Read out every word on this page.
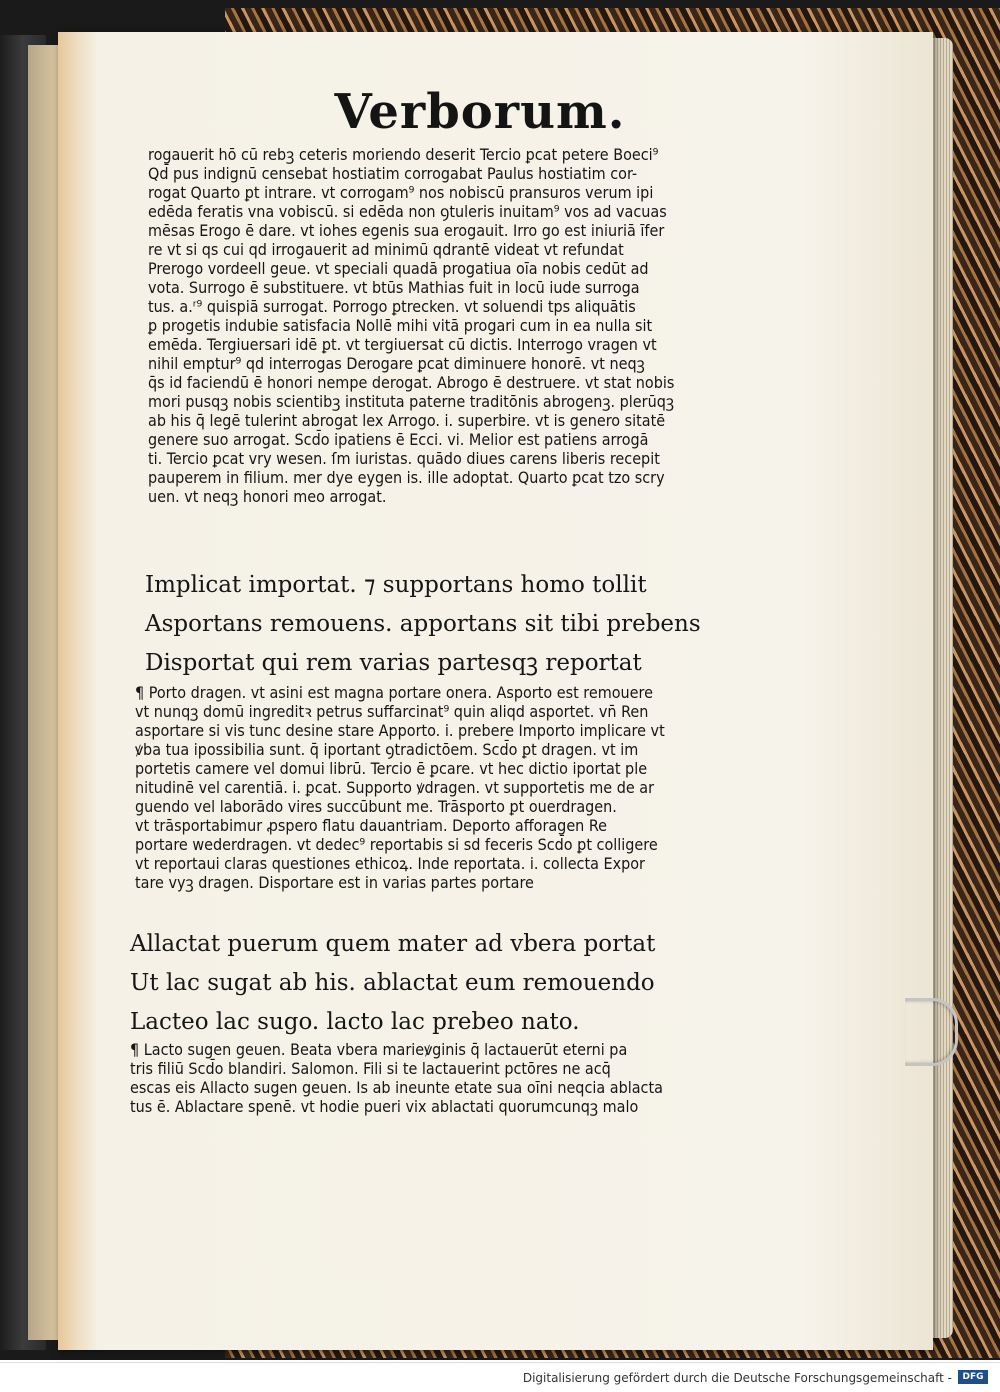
Verborum.
rogauerit hō cū rebꝫ ceteris moriendo deserit Tercio ꝑcat petere Boeci⁹
Qd̄ pus indignū censebat hostiatim corrogabat Paulus hostiatim cor-
rogat Quarto ꝑt intrare. vt corrogam⁹ nos nobiscū pransuros verum ipi
edēda feratis vna vobiscū. si edēda non ꝯtuleris inuitam⁹ vos ad vacuas
mēsas Erogo ē dare. vt iohes egenis sua erogauit. Irro go est iniuriā īfer
re vt si qs cui qd irrogauerit ad minimū qdrantē videat vt refundat
Prerogo vordeell geue. vt speciali quadā progatiua oīa nobis cedūt ad
vota. Surrogo ē substituere. vt btūs Mathias fuit in locū iude surroga
tus. a.ʳ⁹ quispiā surrogat. Porrogo ꝑtrecken. vt soluendi tps aliquātis
ꝑ progetis indubie satisfacia Nollē mihi vitā progari cum in ea nulla sit
emēda. Tergiuersari idē ꝑt. vt tergiuersat cū dictis. Interrogo vragen vt
nihil emptur⁹ qd interrogas Derogare ꝑcat diminuere honorē. vt neqꝫ
q̄s id faciendū ē honori nempe derogat. Abrogo ē destruere. vt stat nobis
mori pusqꝫ nobis scientibꝫ instituta paterne traditōnis abrogenꝫ. plerūqꝫ
ab his q̄ legē tulerint abrogat lex Arrogo. i. superbire. vt is genero sitatē
genere suo arrogat. Scd̄o ipatiens ē Ecci. vi. Melior est patiens arrogā
ti. Tercio ꝑcat vry wesen. ſm iuristas. quādo diues carens liberis recepit
pauperem in filium. mer dye eygen is. ille adoptat. Quarto ꝑcat tzo scry
uen. vt neqꝫ honori meo arrogat.
Implicat importat. ⁊ supportans homo tollit
Asportans remouens. apportans sit tibi prebens
Disportat qui rem varias partesqꝫ reportat
¶ Porto dragen. vt asini est magna portare onera. Asporto est remouere
vt nunqꝫ domū ingreditꝛ petrus suffarcinat⁹ quin aliqd asportet. vn̄ Ren
asportare si vis tunc desine stare Apporto. i. prebere Importo implicare vt
ꝟba tua ipossibilia sunt. q̄ iportant ꝯtradictōem. Scd̄o ꝑt dragen. vt im
portetis camere vel domui librū. Tercio ē ꝑcare. vt hec dictio iportat ple
nitudinē vel carentiā. i. ꝑcat. Supporto ꝟdragen. vt supportetis me de ar
guendo vel laborādo vires succūbunt me. Trāsporto ꝑt ouerdragen.
vt trāsportabimur ꝓspero flatu dauantriam. Deporto afforagen Re
portare wederdragen. vt dedec⁹ reportabis si sd feceris Scd̄o ꝑt colligere
vt reportaui claras questiones ethicoꝝ. Inde reportata. i. collecta Expor
tare vyꝫ dragen. Disportare est in varias partes portare
Allactat puerum quem mater ad vbera portat
Ut lac sugat ab his. ablactat eum remouendo
Lacteo lac sugo. lacto lac prebeo nato.
¶ Lacto sugen geuen. Beata vbera marieꝟginis q̄ lactauerūt eterni pa
tris filiū Scd̄o blandiri. Salomon. Fili si te lactauerint pctōres ne acq̄
escas eis Allacto sugen geuen. Is ab ineunte etate sua oīni neqcia ablacta
tus ē. Ablactare spenē. vt hodie pueri vix ablactati quorumcunqꝫ malo
Digitalisierung gefördert durch die Deutsche Forschungsgemeinschaft -	DFG
